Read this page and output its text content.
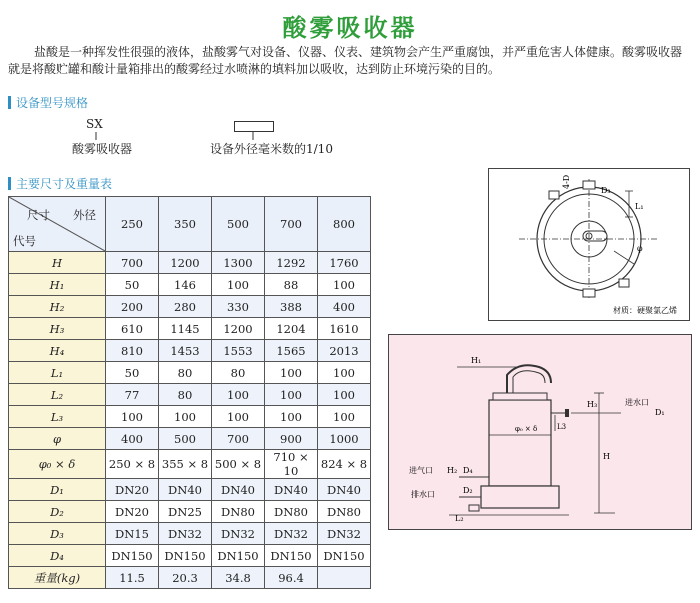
酸雾吸收器

盐酸是一种挥发性很强的液体，盐酸雾气对设备、仪器、仪表、建筑物会产生严重腐蚀，并严重危害人体健康。酸雾吸收器

就是将酸贮罐和酸计量箱排出的酸雾经过水喷淋的填料加以吸收，达到防止环境污染的目的。
设备型号规格
SX
酸雾吸收器	设备外径毫米数的1/10
主要尺寸及重量表
尺寸 外径
代号	250	350	500	700	800
H	700	1200	1300	1292	1760
H₁	50	146	100	88	100
H₂	200	280	330	388	400
H₃	610	1145	1200	1204	1610
H₄	810	1453	1553	1565	2013
L₁	50	80	80	100	100
L₂	77	80	100	100	100
L₃	100	100	100	100	100
φ	400	500	700	900	1000
φ₀ × δ	250 × 8	355 × 8	500 × 8	710 × 10	824 × 8
D₁	DN20	DN40	DN40	DN40	DN40
D₂	DN20	DN25	DN80	DN80	DN80
D₃	DN15	DN32	DN32	DN32	DN32
D₄	DN150	DN150	DN150	DN150	DN150
重量(kg)	11.5	20.3	34.8	96.4	
4-D
D₃
L₁
φ
材质：硬聚氯乙烯
H₁
H₃	进水口
D₁
φ₀ × δ	L3
H
进气口 H₂ D₄
排水口	D₂
L₂
